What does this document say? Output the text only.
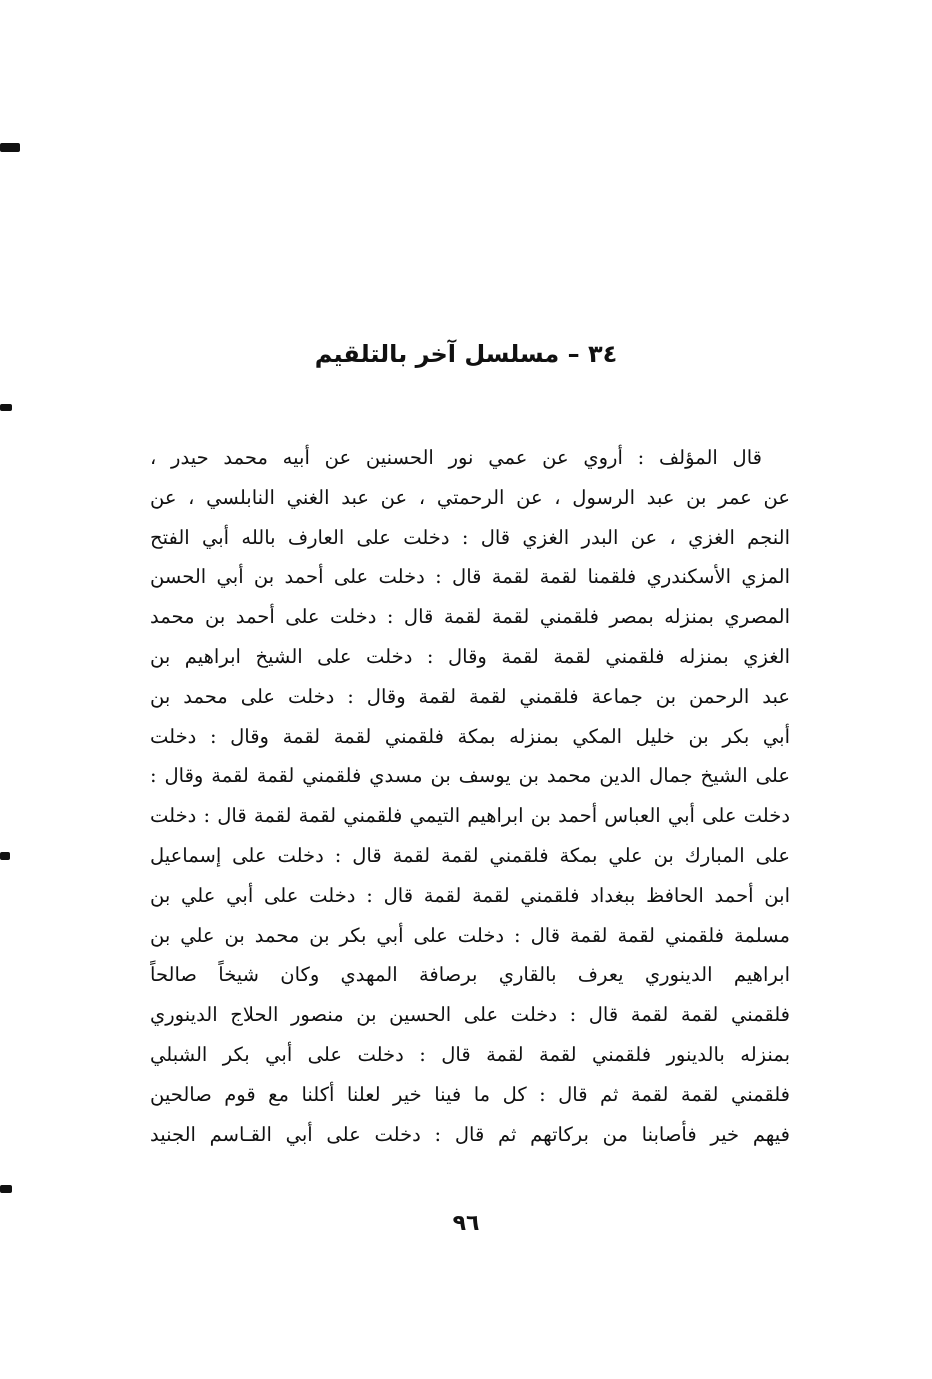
٣٤ – مسلسل آخر بالتلقيم
قال المؤلف : أروي عن عمي نور الحسنين عن أبيه محمد حيدر ،
عن عمر بن عبد الرسول ، عن الرحمتي ، عن عبد الغني النابلسي ، عن
النجم الغزي ، عن البدر الغزي قال : دخلت على العارف بالله أبي الفتح
المزي الأسكندري فلقمنا لقمة لقمة قال : دخلت على أحمد بن أبي الحسن
المصري بمنزله بمصر فلقمني لقمة لقمة قال : دخلت على أحمد بن محمد
الغزي بمنزله فلقمني لقمة لقمة وقال : دخلت على الشيخ ابراهيم بن
عبد الرحمن بن جماعة فلقمني لقمة لقمة وقال : دخلت على محمد بن
أبي بكر بن خليل المكي بمنزله بمكة فلقمني لقمة لقمة وقال : دخلت
على الشيخ جمال الدين محمد بن يوسف بن مسدي فلقمني لقمة لقمة وقال :
دخلت على أبي العباس أحمد بن ابراهيم التيمي فلقمني لقمة لقمة قال : دخلت
على المبارك بن علي بمكة فلقمني لقمة لقمة قال : دخلت على إسماعيل
ابن أحمد الحافظ ببغداد فلقمني لقمة لقمة قال : دخلت على أبي علي بن
مسلمة فلقمني لقمة لقمة قال : دخلت على أبي بكر بن محمد بن علي بن
ابراهيم الدينوري يعرف بالقاري برصافة المهدي وكان شيخاً صالحاً
فلقمني لقمة لقمة قال : دخلت على الحسين بن منصور الحلاج الدينوري
بمنزله بالدينور فلقمني لقمة لقمة قال : دخلت على أبي بكر الشبلي
فلقمني لقمة لقمة ثم قال : كل ما فينا خير لعلنا أكلنا مع قوم صالحين
فيهم خير فأصابنا من بركاتهم ثم قال : دخلت على أبي القـاسم الجنيد
٩٦
